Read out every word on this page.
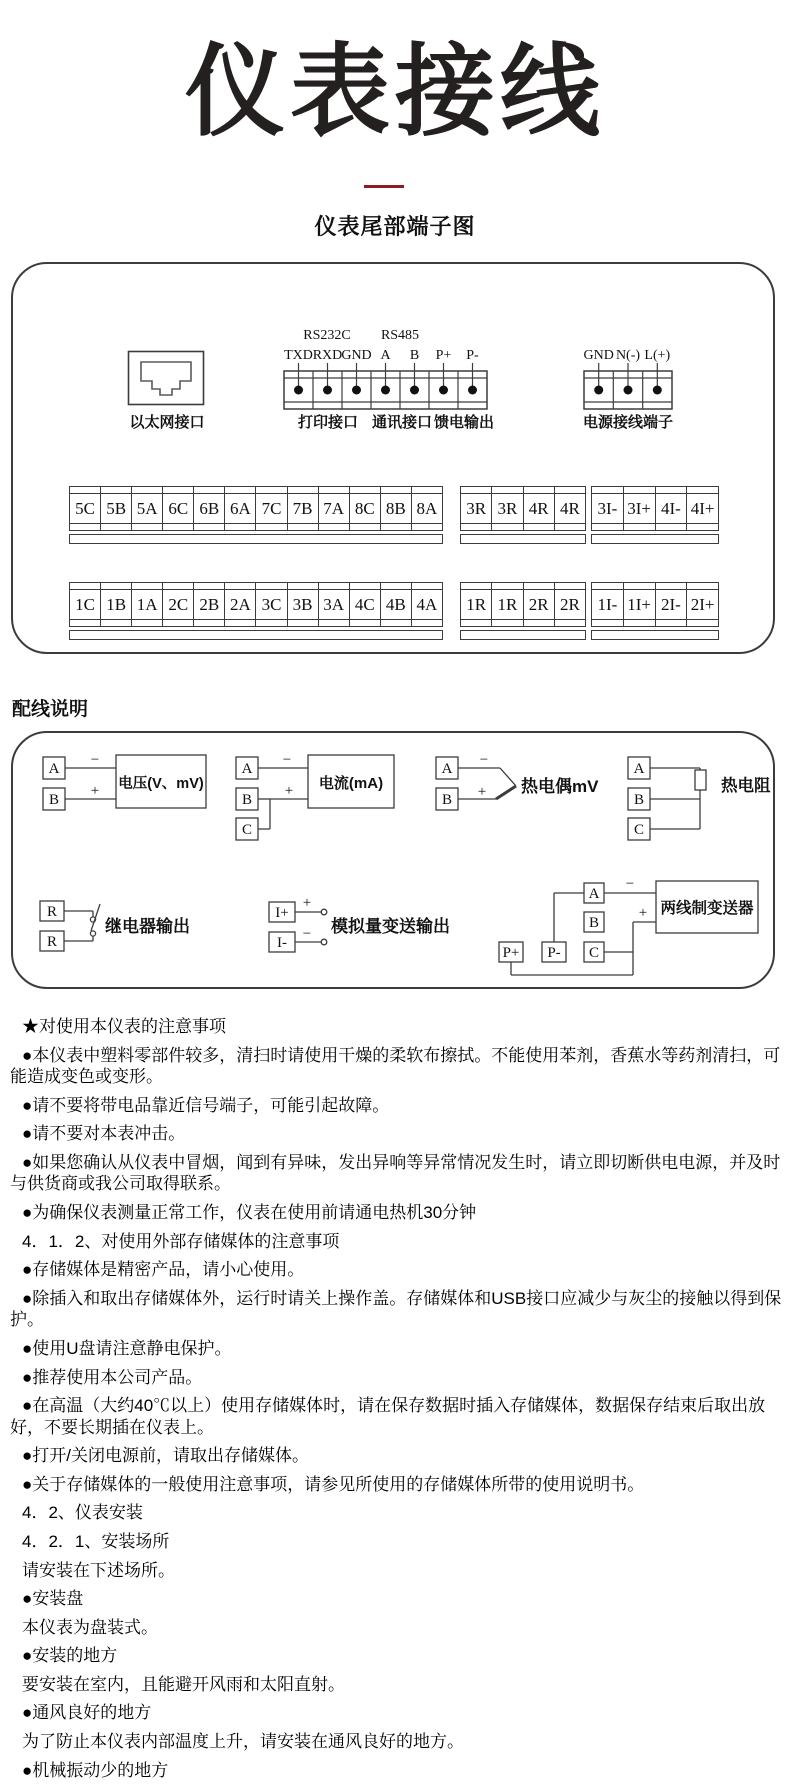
仪表接线
仪表尾部端子图
RS232C RS485
TXD RXD GND A B P+ P-	GND N(-) L(+)
以太网接口	打印接口 通讯接口 馈电输出	电源接线端子
5C 5B 5A 6C 6B 6A 7C 7B 7A 8C 8B 8A	3R 3R 4R 4R	3I- 3I+ 4I- 4I+
1C 1B 1A 2C 2B 2A 3C 3B 3A 4C 4B 4A	1R 1R 2R 2R	1I- 1I+ 2I- 2I+
配线说明
A
B
A
B
C
A
B
A
B
C
R
R
I+
I-
A
B
C
P+ P-
−
+
−
+
−
+
+
−
−
+
电压(V、mV)	电流(mA)	热电偶mV	热电阻
继电器输出	模拟量变送输出
两线制变送器

★对使用本仪表的注意事项

●本仪表中塑料零部件较多，清扫时请使用干燥的柔软布擦拭。不能使用苯剂，香蕉水等药剂清扫，可能造成变色或变形。

●请不要将带电品靠近信号端子，可能引起故障。

●请不要对本表冲击。

●如果您确认从仪表中冒烟，闻到有异味，发出异响等异常情况发生时，请立即切断供电电源，并及时与供货商或我公司取得联系。

●为确保仪表测量正常工作，仪表在使用前请通电热机30分钟

4．1．2、对使用外部存储媒体的注意事项

●存储媒体是精密产品，请小心使用。

●除插入和取出存储媒体外，运行时请关上操作盖。存储媒体和USB接口应减少与灰尘的接触以得到保护。

●使用U盘请注意静电保护。

●推荐使用本公司产品。

●在高温（大约40℃以上）使用存储媒体时，请在保存数据时插入存储媒体，数据保存结束后取出放好，不要长期插在仪表上。

●打开/关闭电源前，请取出存储媒体。

●关于存储媒体的一般使用注意事项，请参见所使用的存储媒体所带的使用说明书。

4．2、仪表安装

4．2．1、安装场所

请安装在下述场所。

●安装盘

本仪表为盘装式。

●安装的地方

要安装在室内，且能避开风雨和太阳直射。

●通风良好的地方

为了防止本仪表内部温度上升，请安装在通风良好的地方。

●机械振动少的地方
